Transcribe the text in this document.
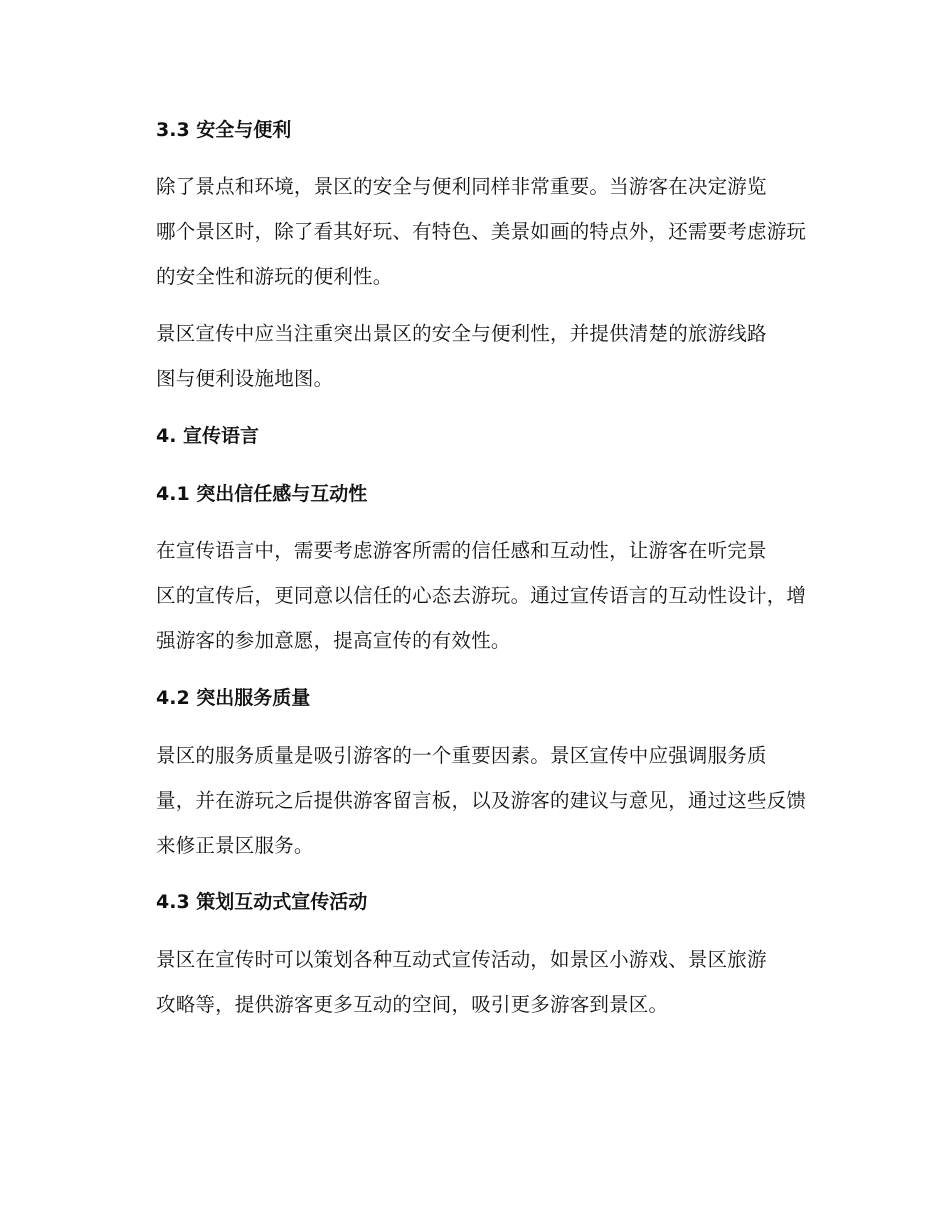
3.3 安全与便利

除了景点和环境，景区的安全与便利同样非常重要。当游客在决定游览
哪个景区时，除了看其好玩、有特色、美景如画的特点外，还需要考虑游玩
的安全性和游玩的便利性。

景区宣传中应当注重突出景区的安全与便利性，并提供清楚的旅游线路
图与便利设施地图。

4. 宣传语言
4.1 突出信任感与互动性

在宣传语言中，需要考虑游客所需的信任感和互动性，让游客在听完景
区的宣传后，更同意以信任的心态去游玩。通过宣传语言的互动性设计，增
强游客的参加意愿，提高宣传的有效性。

4.2 突出服务质量

景区的服务质量是吸引游客的一个重要因素。景区宣传中应强调服务质
量，并在游玩之后提供游客留言板，以及游客的建议与意见，通过这些反馈
来修正景区服务。

4.3 策划互动式宣传活动

景区在宣传时可以策划各种互动式宣传活动，如景区小游戏、景区旅游
攻略等，提供游客更多互动的空间，吸引更多游客到景区。
